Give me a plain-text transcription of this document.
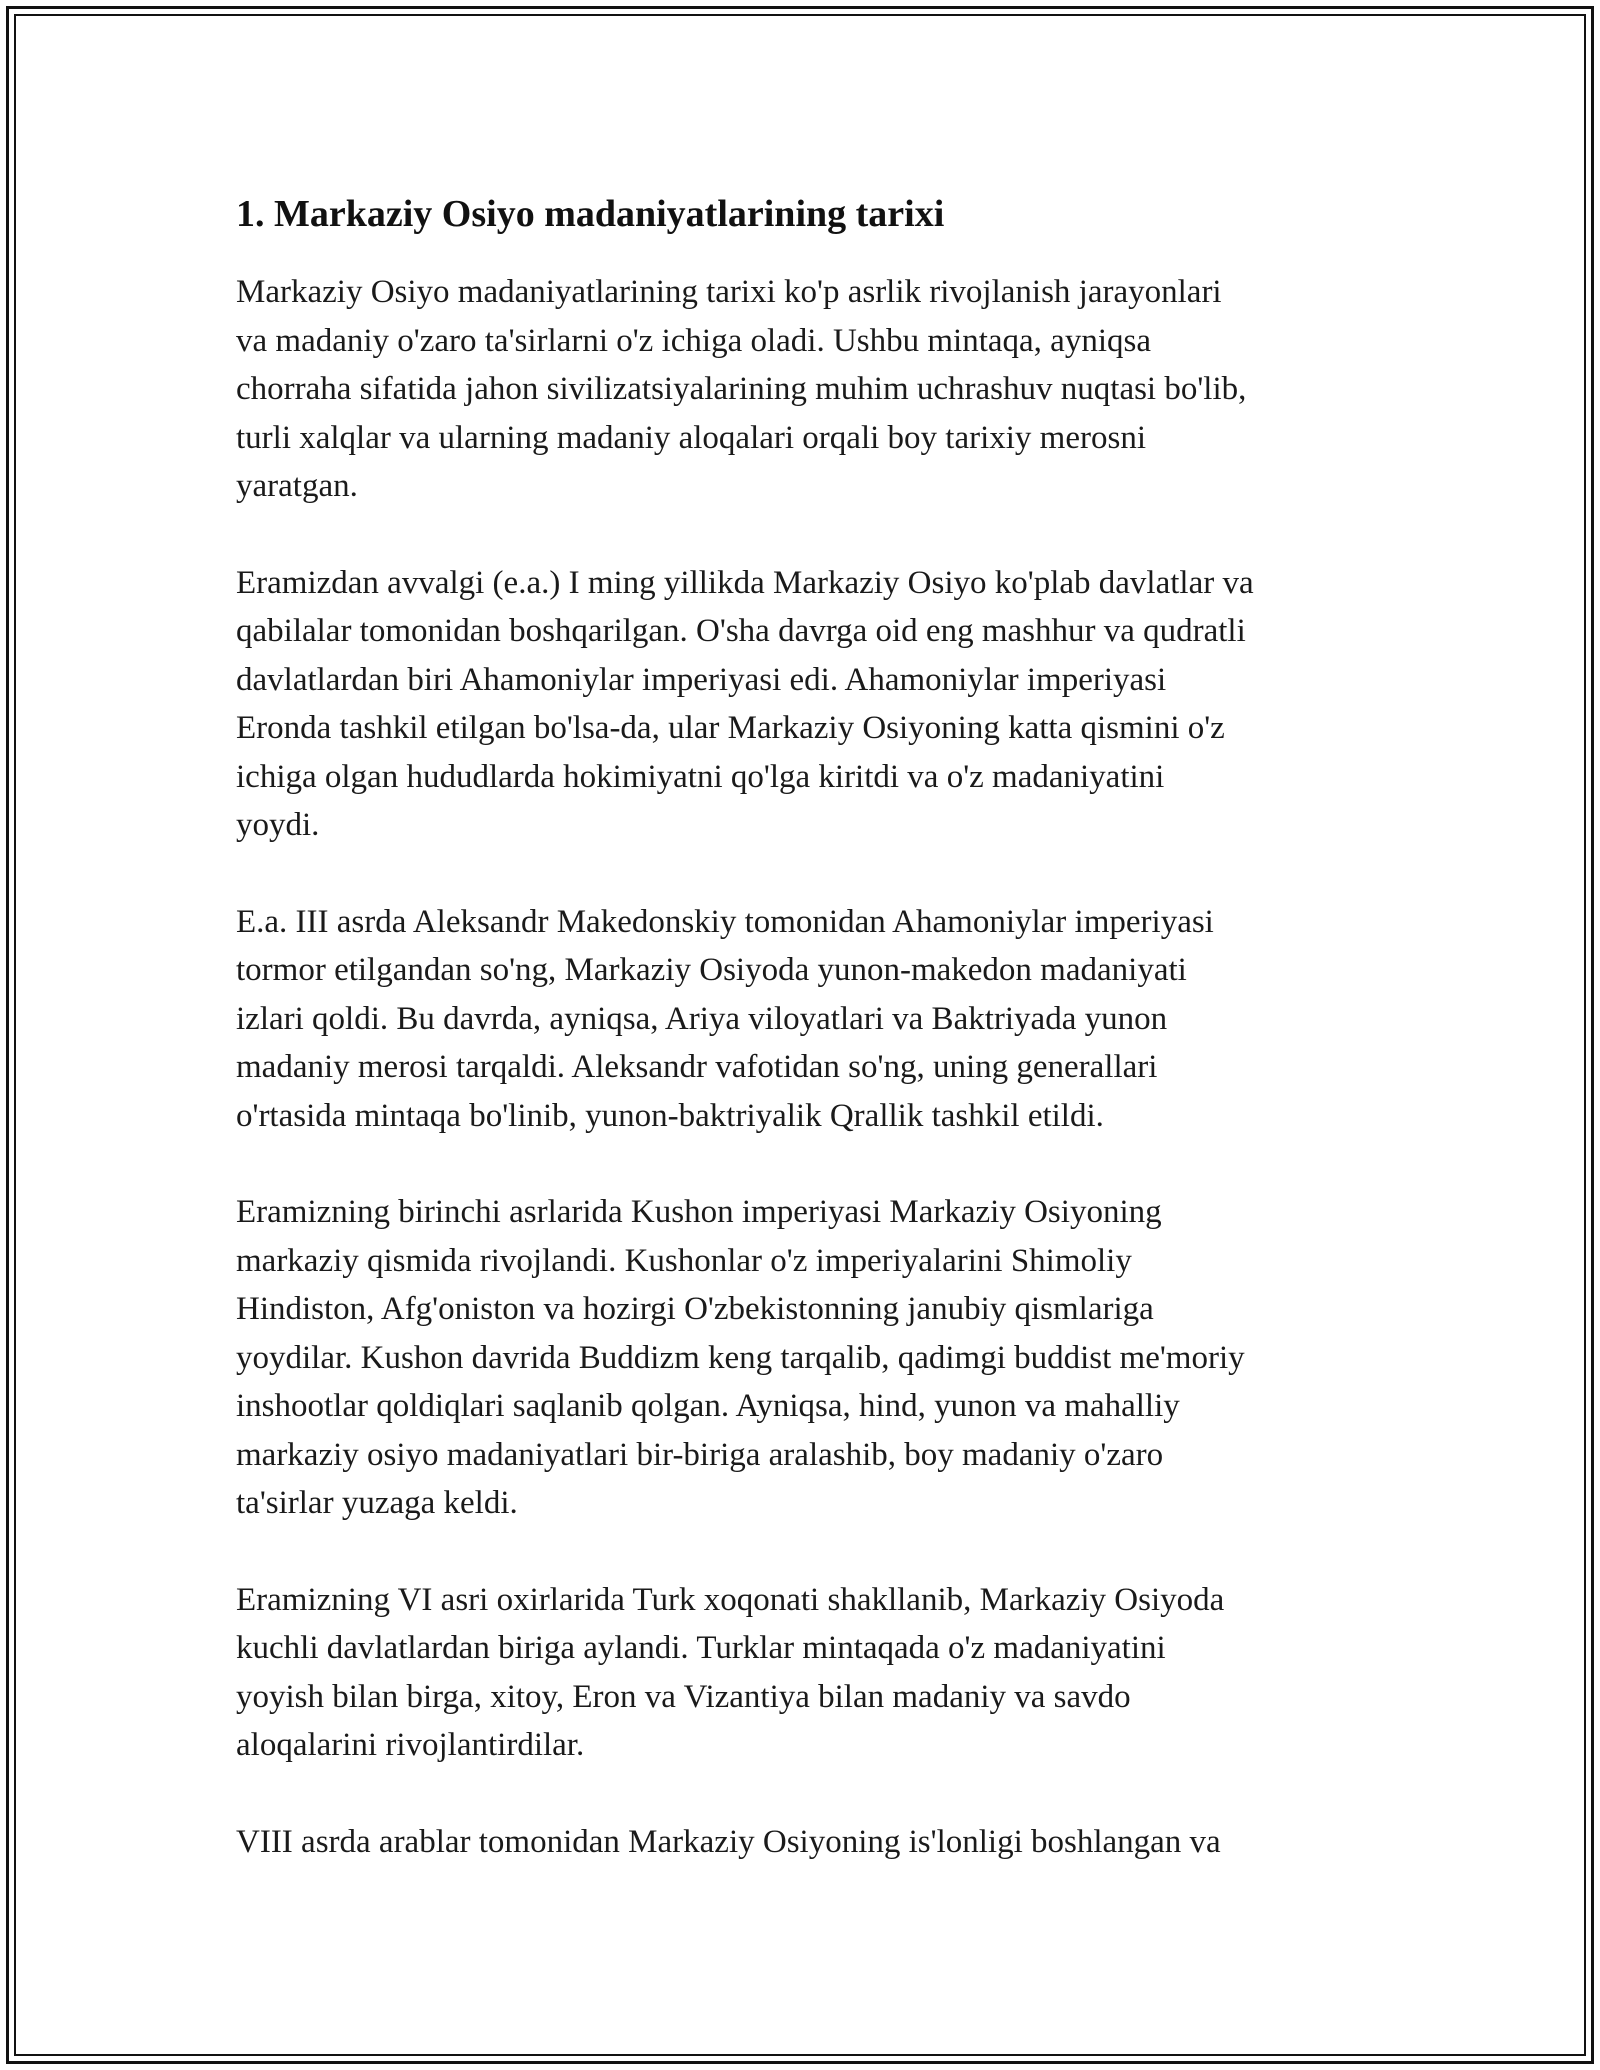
1. Markaziy Osiyo madaniyatlarining tarixi

Markaziy Osiyo madaniyatlarining tarixi ko'p asrlik rivojlanish jarayonlari
va madaniy o'zaro ta'sirlarni o'z ichiga oladi. Ushbu mintaqa, ayniqsa
chorraha sifatida jahon sivilizatsiyalarining muhim uchrashuv nuqtasi bo'lib,
turli xalqlar va ularning madaniy aloqalari orqali boy tarixiy merosni
yaratgan.

Eramizdan avvalgi (e.a.) I ming yillikda Markaziy Osiyo ko'plab davlatlar va
qabilalar tomonidan boshqarilgan. O'sha davrga oid eng mashhur va qudratli
davlatlardan biri Ahamoniylar imperiyasi edi. Ahamoniylar imperiyasi
Eronda tashkil etilgan bo'lsa-da, ular Markaziy Osiyoning katta qismini o'z
ichiga olgan hududlarda hokimiyatni qo'lga kiritdi va o'z madaniyatini
yoydi.

E.a. III asrda Aleksandr Makedonskiy tomonidan Ahamoniylar imperiyasi
tormor etilgandan so'ng, Markaziy Osiyoda yunon-makedon madaniyati
izlari qoldi. Bu davrda, ayniqsa, Ariya viloyatlari va Baktriyada yunon
madaniy merosi tarqaldi. Aleksandr vafotidan so'ng, uning generallari
o'rtasida mintaqa bo'linib, yunon-baktriyalik Qrallik tashkil etildi.

Eramizning birinchi asrlarida Kushon imperiyasi Markaziy Osiyoning
markaziy qismida rivojlandi. Kushonlar o'z imperiyalarini Shimoliy
Hindiston, Afg'oniston va hozirgi O'zbekistonning janubiy qismlariga
yoydilar. Kushon davrida Buddizm keng tarqalib, qadimgi buddist me'moriy
inshootlar qoldiqlari saqlanib qolgan. Ayniqsa, hind, yunon va mahalliy
markaziy osiyo madaniyatlari bir-biriga aralashib, boy madaniy o'zaro
ta'sirlar yuzaga keldi.

Eramizning VI asri oxirlarida Turk xoqonati shakllanib, Markaziy Osiyoda
kuchli davlatlardan biriga aylandi. Turklar mintaqada o'z madaniyatini
yoyish bilan birga, xitoy, Eron va Vizantiya bilan madaniy va savdo
aloqalarini rivojlantirdilar.

VIII asrda arablar tomonidan Markaziy Osiyoning is'lonligi boshlangan va
